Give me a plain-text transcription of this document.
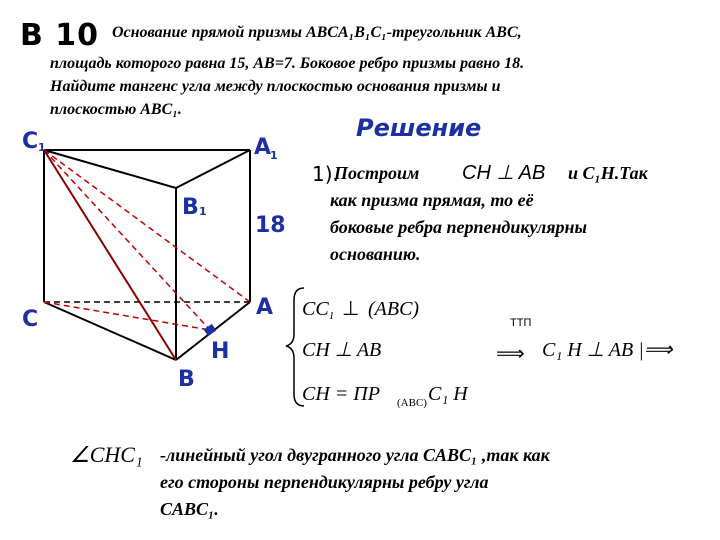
B 10 Основание прямой призмы ABCA₁B₁C₁-треугольник ABC,
площадь которого равна 15, AB=7. Боковое ребро призмы равно 18.
Найдите тангенс угла между плоскостью основания призмы и
плоскостью ABC₁.
Решение
1).
Построим CH ⊥ AB и C₁H.Так
как призма прямая, то её
боковые ребра перпендикулярны
основанию.
C 1	A
1
B 1
18
C	A
H
B
$CC_1$ ⊥ (ABC)
CH ⊥ AB
CH = ПР (ABC) C₁ H
ТТП
⟹ C₁ H ⊥ AB |⟹
∠CHC₁ -линейный угол двугранного угла CABC₁ ,так как
его стороны перпендикулярны ребру угла
CABC₁.
